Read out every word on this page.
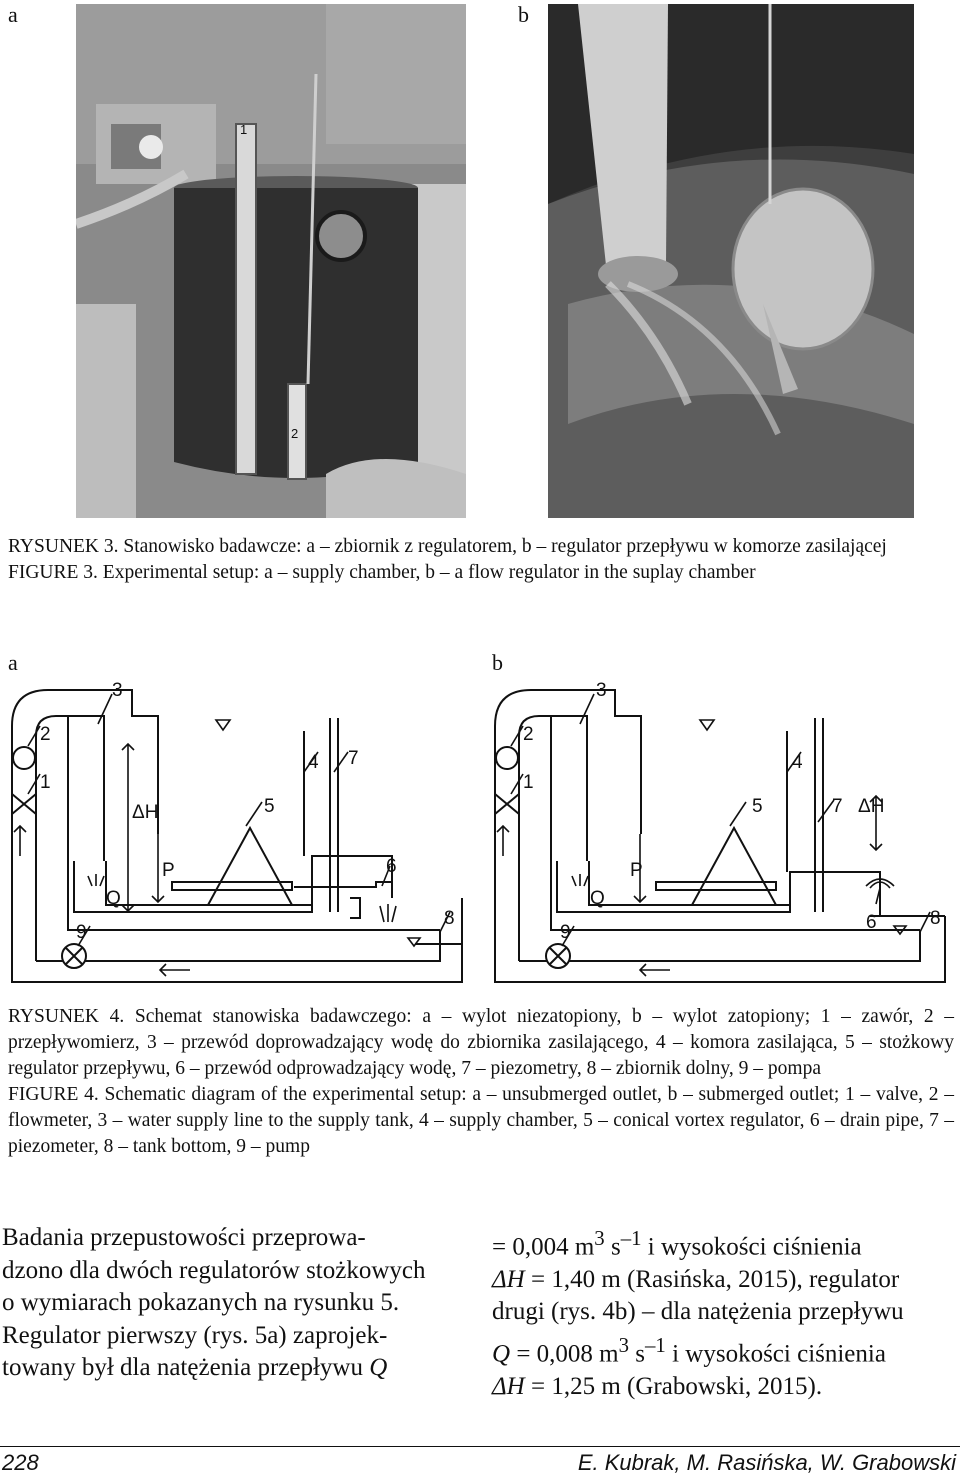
a	b
1
2

RYSUNEK 3. Stanowisko badawcze: a – zbiornik z regulatorem, b – regulator przepływu w komorze zasilającej

FIGURE 3. Experimental setup: a – supply chamber, b – a flow regulator in the suplay chamber

a	b
3
2
1
ΔH
P
Q
5
4 7
6
8
9
3
2
1
ΔH
P
Q
5
4
7
6	8
9

RYSUNEK 4. Schemat stanowiska badawczego: a – wylot niezatopiony, b – wylot zatopiony; 1 – zawór, 2 – przepływomierz, 3 – przewód doprowadzający wodę do zbiornika zasilającego, 4 – komora zasilająca, 5 – stożkowy regulator przepływu, 6 – przewód odprowadzający wodę, 7 – piezometry, 8 – zbiornik dolny, 9 – pompa

FIGURE 4. Schematic diagram of the experimental setup: a – unsubmerged outlet, b – submerged outlet; 1 – valve, 2 – flowmeter, 3 – water supply line to the supply tank, 4 – supply chamber, 5 – conical vortex regulator, 6 – drain pipe, 7 – piezometer, 8 – tank bottom, 9 – pump

Badania przepustowości przeprowa-

dzono dla dwóch regulatorów stożkowych

o wymiarach pokazanych na rysunku 5.

Regulator pierwszy (rys. 5a) zaprojek-

towany był dla natężenia przepływu Q

= 0,004 $m^3$ $s^{-1}$ i wysokości ciśnienia

ΔH = 1,40 m (Rasińska, 2015), regulator

drugi (rys. 4b) – dla natężenia przepływu

Q = 0,008 $m^3$ $s^{-1}$ i wysokości ciśnienia

ΔH = 1,25 m (Grabowski, 2015).

228	E. Kubrak, M. Rasińska, W. Grabowski
